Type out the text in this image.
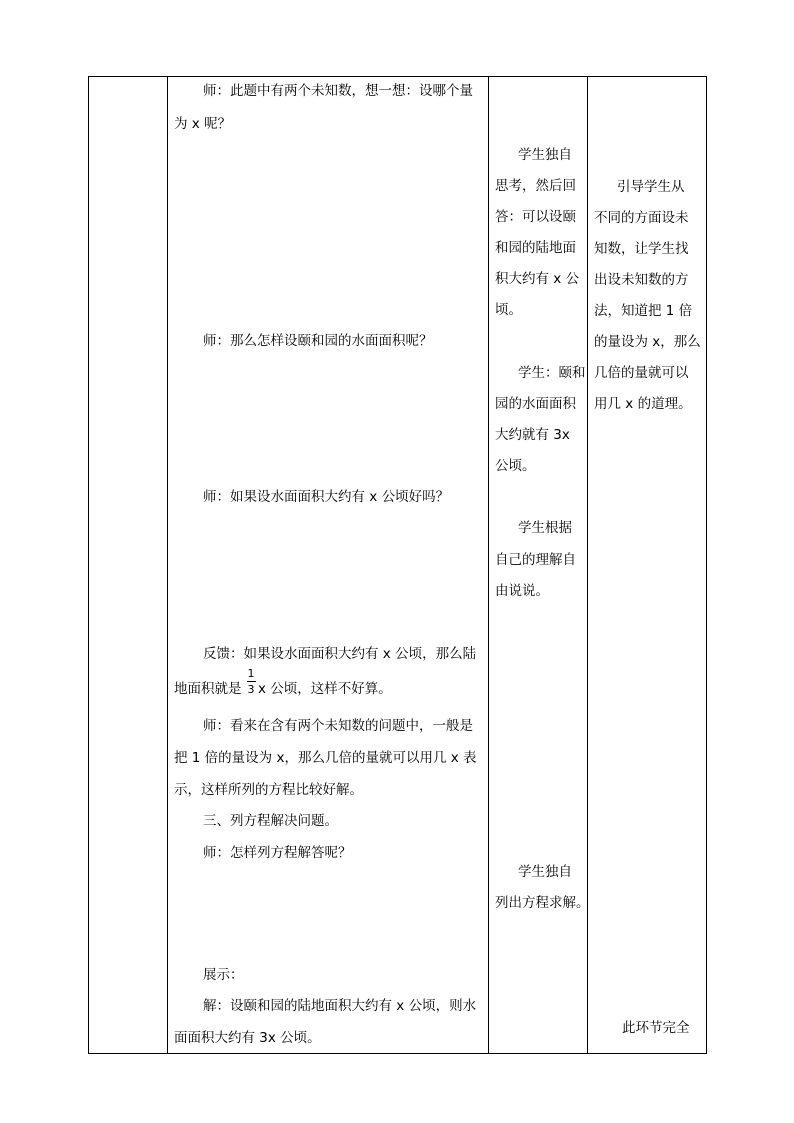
师：此题中有两个未知数，想一想：设哪个量
为 x 呢？
师：那么怎样设颐和园的水面面积呢？
师：如果设水面面积大约有 x 公顷好吗？
反馈：如果设水面面积大约有 x 公顷，那么陆
地面积就是
1
3 x 公顷，这样不好算。
师：看来在含有两个未知数的问题中，一般是
把 1 倍的量设为 x，那么几倍的量就可以用几 x 表
示，这样所列的方程比较好解。
三、列方程解决问题。
师：怎样列方程解答呢？
展示：
解：设颐和园的陆地面积大约有 x 公顷，则水
面面积大约有 3x 公顷。
学生独自
思考，然后回
答：可以设颐
和园的陆地面
积大约有 x 公
顷。
学生：颐和
园的水面面积
大约就有 3x
公顷。
学生根据
自己的理解自
由说说。
学生独自
列出方程求解。
引导学生从
不同的方面设未
知数，让学生找
出设未知数的方
法，知道把 1 倍
的量设为 x，那么
几倍的量就可以
用几 x 的道理。
此环节完全
